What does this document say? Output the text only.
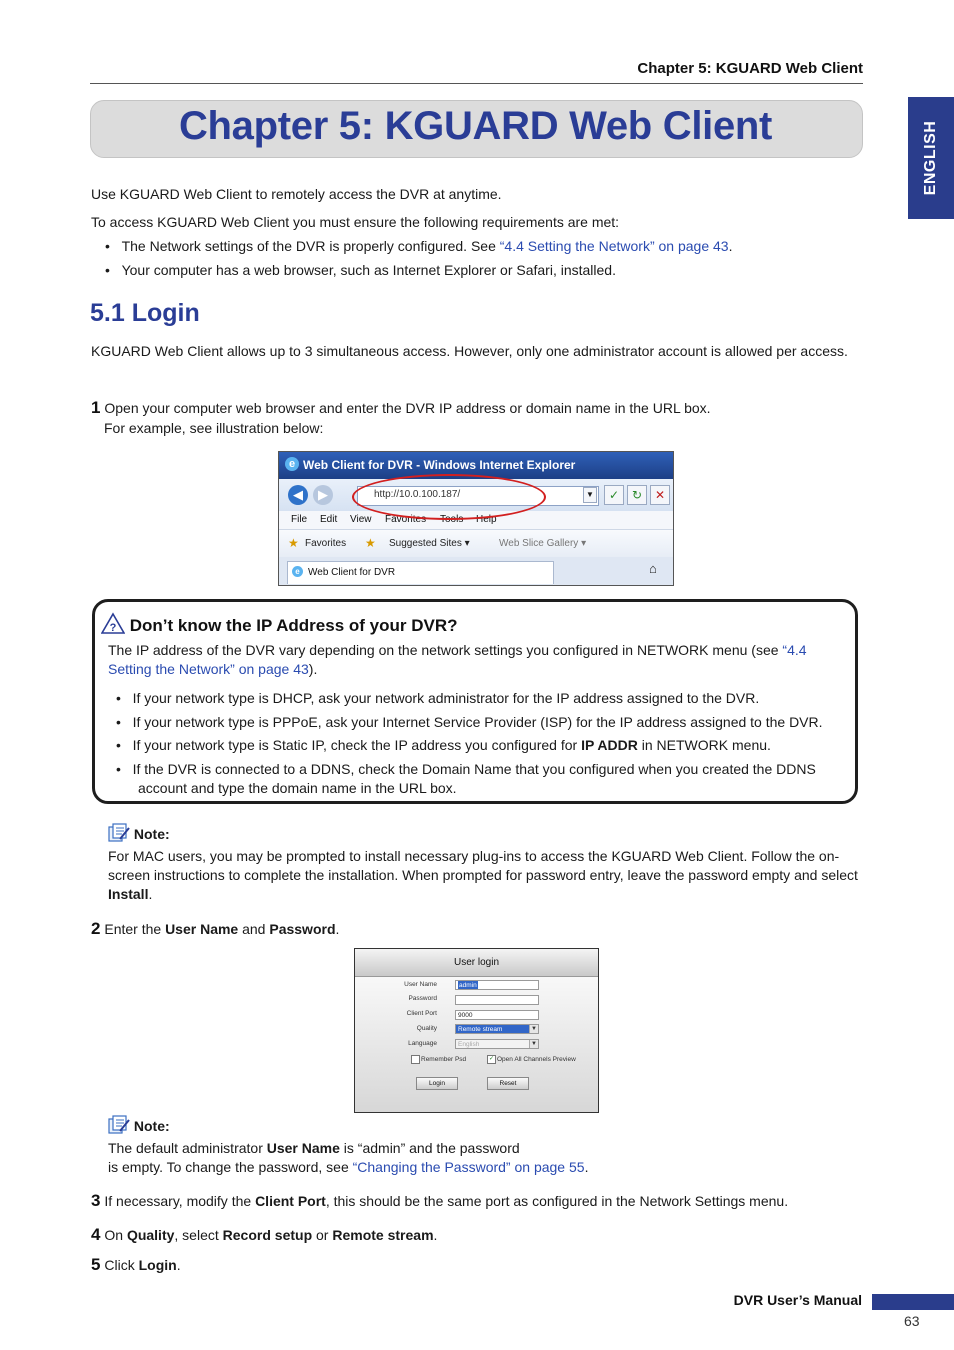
Chapter 5: KGUARD Web Client
Chapter 5: KGUARD Web Client	ENGLISH
Use KGUARD Web Client to remotely access the DVR at anytime.
To access KGUARD Web Client you must ensure the following requirements are met:
• The Network settings of the DVR is properly configured. See “4.4 Setting the Network” on page 43.
• Your computer has a web browser, such as Internet Explorer or Safari, installed.
5.1 Login
KGUARD Web Client allows up to 3 simultaneous access. However, only one administrator account is allowed per access.
1 Open your computer web browser and enter the DVR IP address or domain name in the URL box.
For example, see illustration below:
e Web Client for DVR - Windows Internet Explorer
◀	▶	http://10.0.100.187/	▼	✓	↻	✕
File Edit View Favorites Tools Help
★ Favorites ★ Suggested Sites ▾	Web Slice Gallery ▾
e Web Client for DVR	⌂
? Don’t know the IP Address of your DVR?
The IP address of the DVR vary depending on the network settings you configured in NETWORK menu (see “4.4 Setting the Network” on page 43).
• If your network type is DHCP, ask your network administrator for the IP address assigned to the DVR.
• If your network type is PPPoE, ask your Internet Service Provider (ISP) for the IP address assigned to the DVR.
• If your network type is Static IP, check the IP address you configured for IP ADDR in NETWORK menu.
• If the DVR is connected to a DDNS, check the Domain Name that you configured when you created the DDNS
account and type the domain name in the URL box.
Note:
For MAC users, you may be prompted to install necessary plug-ins to access the KGUARD Web Client. Follow the on-screen instructions to complete the installation. When prompted for password entry, leave the password empty and select Install.
2 Enter the User Name and Password.
User login
User Name	admin
Password
Client Port	9000
Quality	Remote stream	▼
Language	English	▼
Remember Psd	✓ Open All Channels Preview
Login	Reset
Note:
The default administrator User Name is “admin” and the password
is empty. To change the password, see “Changing the Password” on page 55.
3 If necessary, modify the Client Port, this should be the same port as configured in the Network Settings menu.
4 On Quality, select Record setup or Remote stream.
5 Click Login.
DVR User’s Manual
63
